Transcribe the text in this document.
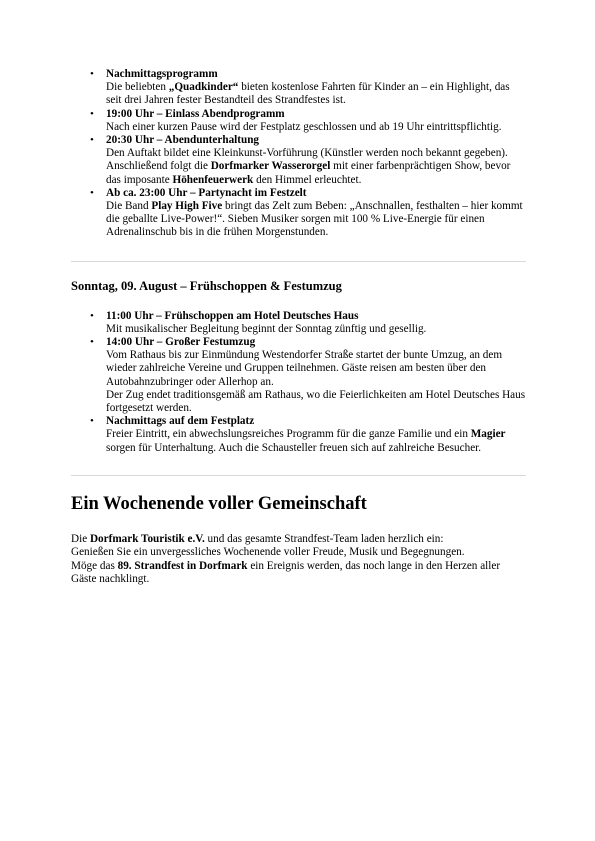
• Nachmittagsprogramm
Die beliebten „Quadkinder“ bieten kostenlose Fahrten für Kinder an – ein Highlight, das seit drei Jahren fester Bestandteil des Strandfestes ist.
• 19:00 Uhr – Einlass Abendprogramm
Nach einer kurzen Pause wird der Festplatz geschlossen und ab 19 Uhr eintrittspflichtig.
• 20:30 Uhr – Abendunterhaltung
Den Auftakt bildet eine Kleinkunst-Vorführung (Künstler werden noch bekannt gegeben).
Anschließend folgt die Dorfmarker Wasserorgel mit einer farbenprächtigen Show, bevor das imposante Höhenfeuerwerk den Himmel erleuchtet.
• Ab ca. 23:00 Uhr – Partynacht im Festzelt
Die Band Play High Five bringt das Zelt zum Beben: „Anschnallen, festhalten – hier kommt die geballte Live-Power!“. Sieben Musiker sorgen mit 100 % Live-Energie für einen Adrenalinschub bis in die frühen Morgenstunden.
Sonntag, 09. August – Frühschoppen & Festumzug
• 11:00 Uhr – Frühschoppen am Hotel Deutsches Haus
Mit musikalischer Begleitung beginnt der Sonntag zünftig und gesellig.
• 14:00 Uhr – Großer Festumzug
Vom Rathaus bis zur Einmündung Westendorfer Straße startet der bunte Umzug, an dem wieder zahlreiche Vereine und Gruppen teilnehmen. Gäste reisen am besten über den Autobahnzubringer oder Allerhop an.
Der Zug endet traditionsgemäß am Rathaus, wo die Feierlichkeiten am Hotel Deutsches Haus fortgesetzt werden.
• Nachmittags auf dem Festplatz
Freier Eintritt, ein abwechslungsreiches Programm für die ganze Familie und ein Magier sorgen für Unterhaltung. Auch die Schausteller freuen sich auf zahlreiche Besucher.
Ein Wochenende voller Gemeinschaft
Die Dorfmark Touristik e.V. und das gesamte Strandfest-Team laden herzlich ein:
Genießen Sie ein unvergessliches Wochenende voller Freude, Musik und Begegnungen.
Möge das 89. Strandfest in Dorfmark ein Ereignis werden, das noch lange in den Herzen aller Gäste nachklingt.
